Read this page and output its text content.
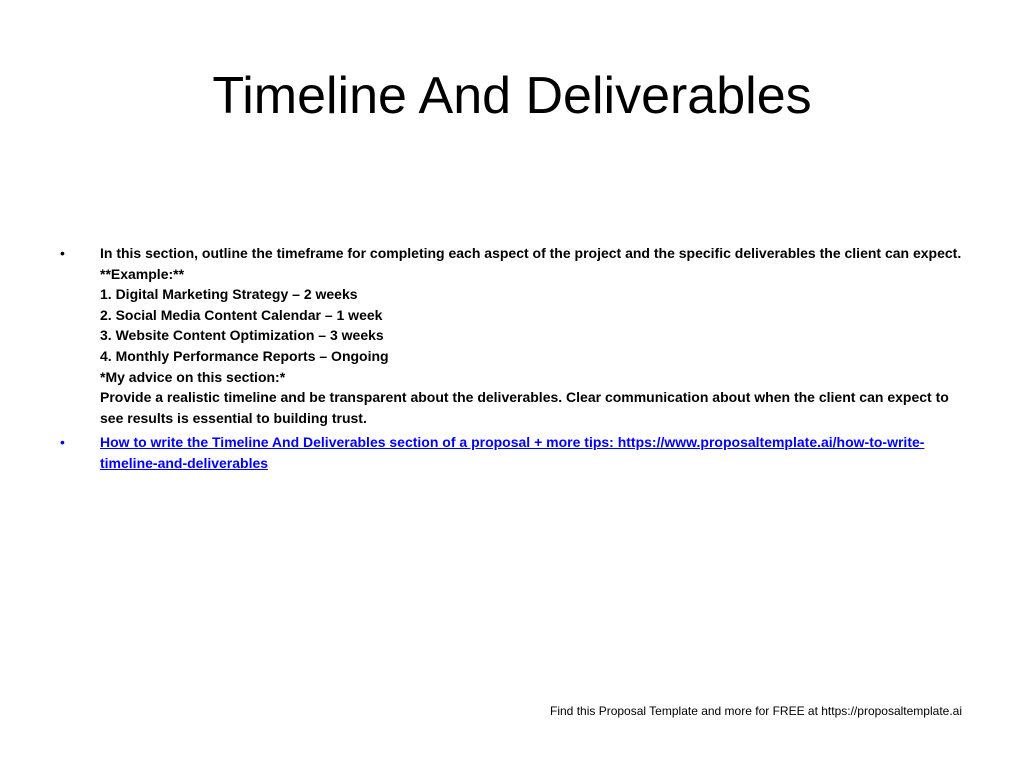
Timeline And Deliverables
•	In this section, outline the timeframe for completing each aspect of the project and the specific deliverables the client can expect.
**Example:**
1. Digital Marketing Strategy – 2 weeks
2. Social Media Content Calendar – 1 week
3. Website Content Optimization – 3 weeks
4. Monthly Performance Reports – Ongoing
*My advice on this section:*
Provide a realistic timeline and be transparent about the deliverables. Clear communication about when the client can expect to see results is essential to building trust.
•	How to write the Timeline And Deliverables section of a proposal + more tips: https://www.proposaltemplate.ai/how-to-write-timeline-and-deliverables
Find this Proposal Template and more for FREE at https://proposaltemplate.ai
